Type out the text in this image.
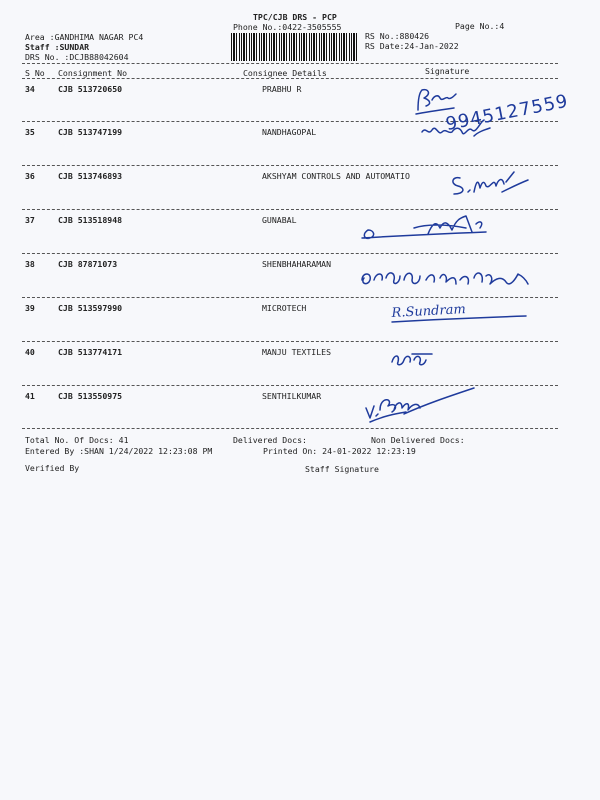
TPC/CJB DRS - PCP
Phone No.:0422-3505555	Page No.:4
Area :GANDHIMA NAGAR PC4
Staff :SUNDAR
DRS No. :DCJB88042604
RS No.:880426
RS Date:24-Jan-2022
S No Consignment No	Consignee Details	Signature
34	CJB 513720650	PRABHU R
35	CJB 513747199	NANDHAGOPAL
36	CJB 513746893	AKSHYAM CONTROLS AND AUTOMATIO
37	CJB 513518948	GUNABAL
38	CJB 87871073	SHENBHAHARAMAN
39	CJB 513597990	MICROTECH
40	CJB 513774171	MANJU TEXTILES
41	CJB 513550975	SENTHILKUMAR
9945127559
R.Sundram
Total No. Of Docs: 41	Delivered Docs:	Non Delivered Docs:
Entered By :SHAN 1/24/2022 12:23:08 PM	Printed On: 24-01-2022 12:23:19
Verified By	Staff Signature
